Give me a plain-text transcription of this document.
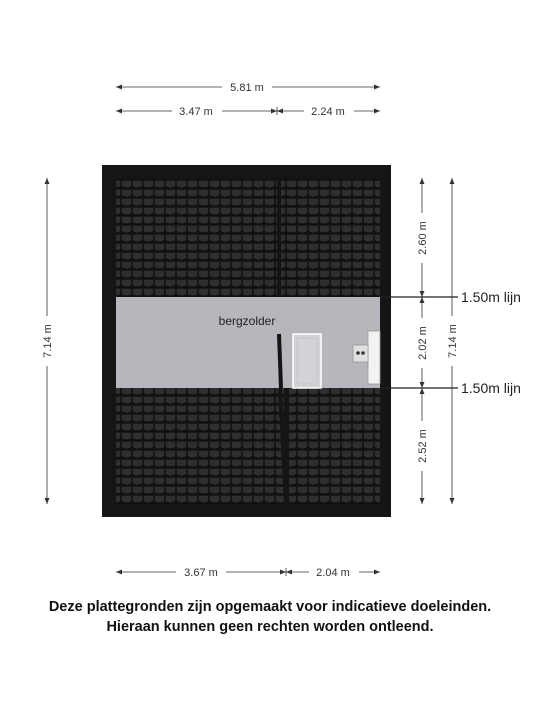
bergzolder
5.81 m
3.47 m	2.24 m
3.67 m	2.04 m
7.14 m
2.60 m
2.02 m
2.52 m
7.14 m
1.50m lijn
1.50m lijn
Deze plattegronden zijn opgemaakt voor indicatieve doeleinden.
Hieraan kunnen geen rechten worden ontleend.
